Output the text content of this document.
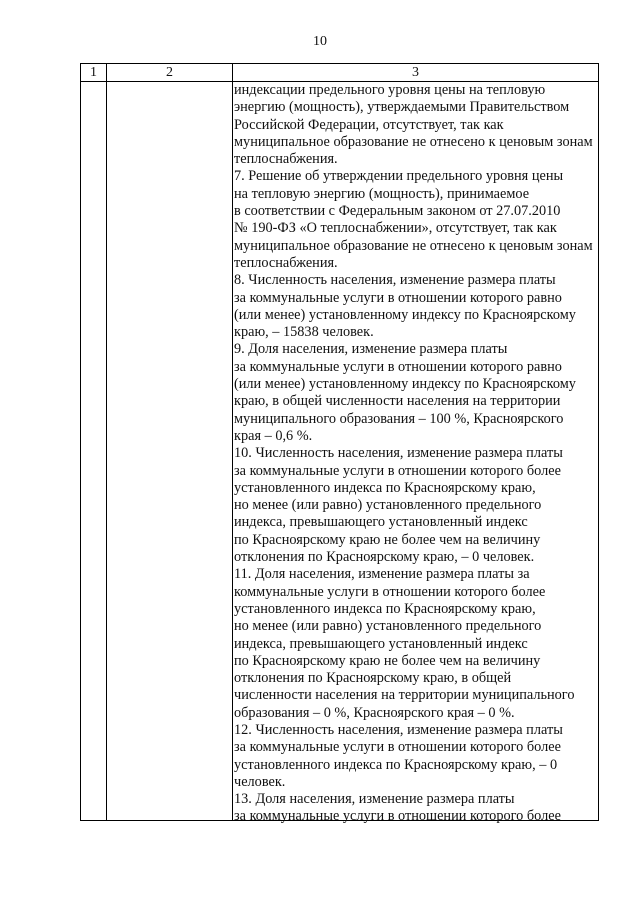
10
1	2	3
индексации предельного уровня цены на тепловую
энергию (мощность), утверждаемыми Правительством
Российской Федерации, отсутствует, так как
муниципальное образование не отнесено к ценовым зонам
теплоснабжения.
7. Решение об утверждении предельного уровня цены
на тепловую энергию (мощность), принимаемое
в соответствии с Федеральным законом от 27.07.2010
№ 190-ФЗ «О теплоснабжении», отсутствует, так как
муниципальное образование не отнесено к ценовым зонам
теплоснабжения.
8. Численность населения, изменение размера платы
за коммунальные услуги в отношении которого равно
(или менее) установленному индексу по Красноярскому
краю, – 15838 человек.
9. Доля населения, изменение размера платы
за коммунальные услуги в отношении которого равно
(или менее) установленному индексу по Красноярскому
краю, в общей численности населения на территории
муниципального образования – 100 %, Красноярского
края – 0,6 %.
10. Численность населения, изменение размера платы
за коммунальные услуги в отношении которого более
установленного индекса по Красноярскому краю,
но менее (или равно) установленного предельного
индекса, превышающего установленный индекс
по Красноярскому краю не более чем на величину
отклонения по Красноярскому краю, – 0 человек.
11. Доля населения, изменение размера платы за
коммунальные услуги в отношении которого более
установленного индекса по Красноярскому краю,
но менее (или равно) установленного предельного
индекса, превышающего установленный индекс
по Красноярскому краю не более чем на величину
отклонения по Красноярскому краю, в общей
численности населения на территории муниципального
образования – 0 %, Красноярского края – 0 %.
12. Численность населения, изменение размера платы
за коммунальные услуги в отношении которого более
установленного индекса по Красноярскому краю, – 0
человек.
13. Доля населения, изменение размера платы
за коммунальные услуги в отношении которого более
